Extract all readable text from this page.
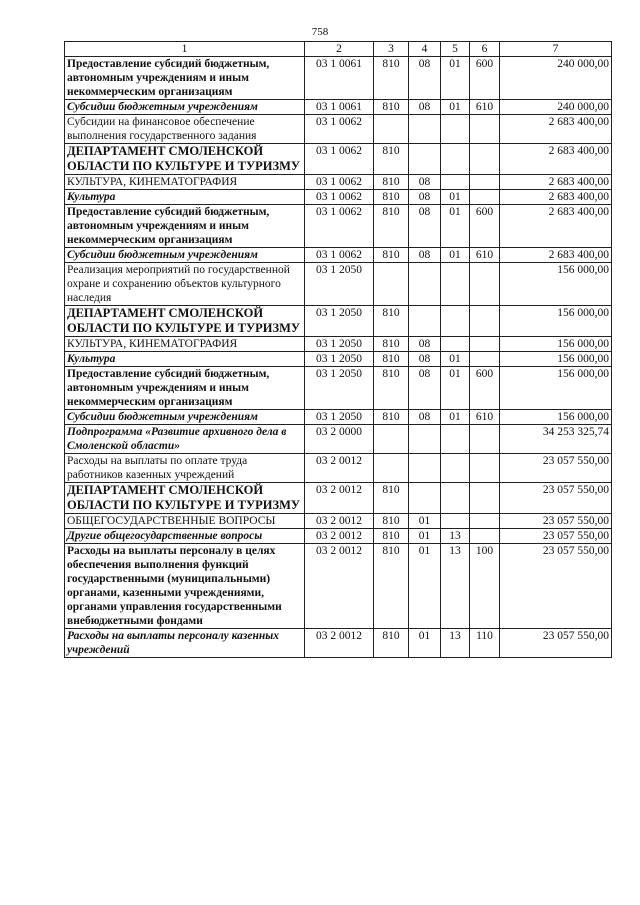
758
1	2	3	4	5	6	7
Предоставление субсидий бюджетным, автономным учреждениям и иным некоммерческим организациям	03 1 0061	810	08	01	600	240 000,00
Субсидии бюджетным учреждениям	03 1 0061	810	08	01	610	240 000,00
Субсидии на финансовое обеспечение выполнения государственного задания	03 1 0062					2 683 400,00
ДЕПАРТАМЕНТ СМОЛЕНСКОЙ ОБЛАСТИ ПО КУЛЬТУРЕ И ТУРИЗМУ	03 1 0062	810				2 683 400,00
КУЛЬТУРА, КИНЕМАТОГРАФИЯ	03 1 0062	810	08			2 683 400,00
Культура	03 1 0062	810	08	01		2 683 400,00
Предоставление субсидий бюджетным, автономным учреждениям и иным некоммерческим организациям	03 1 0062	810	08	01	600	2 683 400,00
Субсидии бюджетным учреждениям	03 1 0062	810	08	01	610	2 683 400,00
Реализация мероприятий по государственной охране и сохранению объектов культурного наследия	03 1 2050					156 000,00
ДЕПАРТАМЕНТ СМОЛЕНСКОЙ ОБЛАСТИ ПО КУЛЬТУРЕ И ТУРИЗМУ	03 1 2050	810				156 000,00
КУЛЬТУРА, КИНЕМАТОГРАФИЯ	03 1 2050	810	08			156 000,00
Культура	03 1 2050	810	08	01		156 000,00
Предоставление субсидий бюджетным, автономным учреждениям и иным некоммерческим организациям	03 1 2050	810	08	01	600	156 000,00
Субсидии бюджетным учреждениям	03 1 2050	810	08	01	610	156 000,00
Подпрограмма «Развитие архивного дела в Смоленской области»	03 2 0000					34 253 325,74
Расходы на выплаты по оплате труда работников казенных учреждений	03 2 0012					23 057 550,00
ДЕПАРТАМЕНТ СМОЛЕНСКОЙ ОБЛАСТИ ПО КУЛЬТУРЕ И ТУРИЗМУ	03 2 0012	810				23 057 550,00
ОБЩЕГОСУДАРСТВЕННЫЕ ВОПРОСЫ	03 2 0012	810	01			23 057 550,00
Другие общегосударственные вопросы	03 2 0012	810	01	13		23 057 550,00
Расходы на выплаты персоналу в целях обеспечения выполнения функций государственными (муниципальными) органами, казенными учреждениями, органами управления государственными внебюджетными фондами	03 2 0012	810	01	13	100	23 057 550,00
Расходы на выплаты персоналу казенных учреждений	03 2 0012	810	01	13	110	23 057 550,00
